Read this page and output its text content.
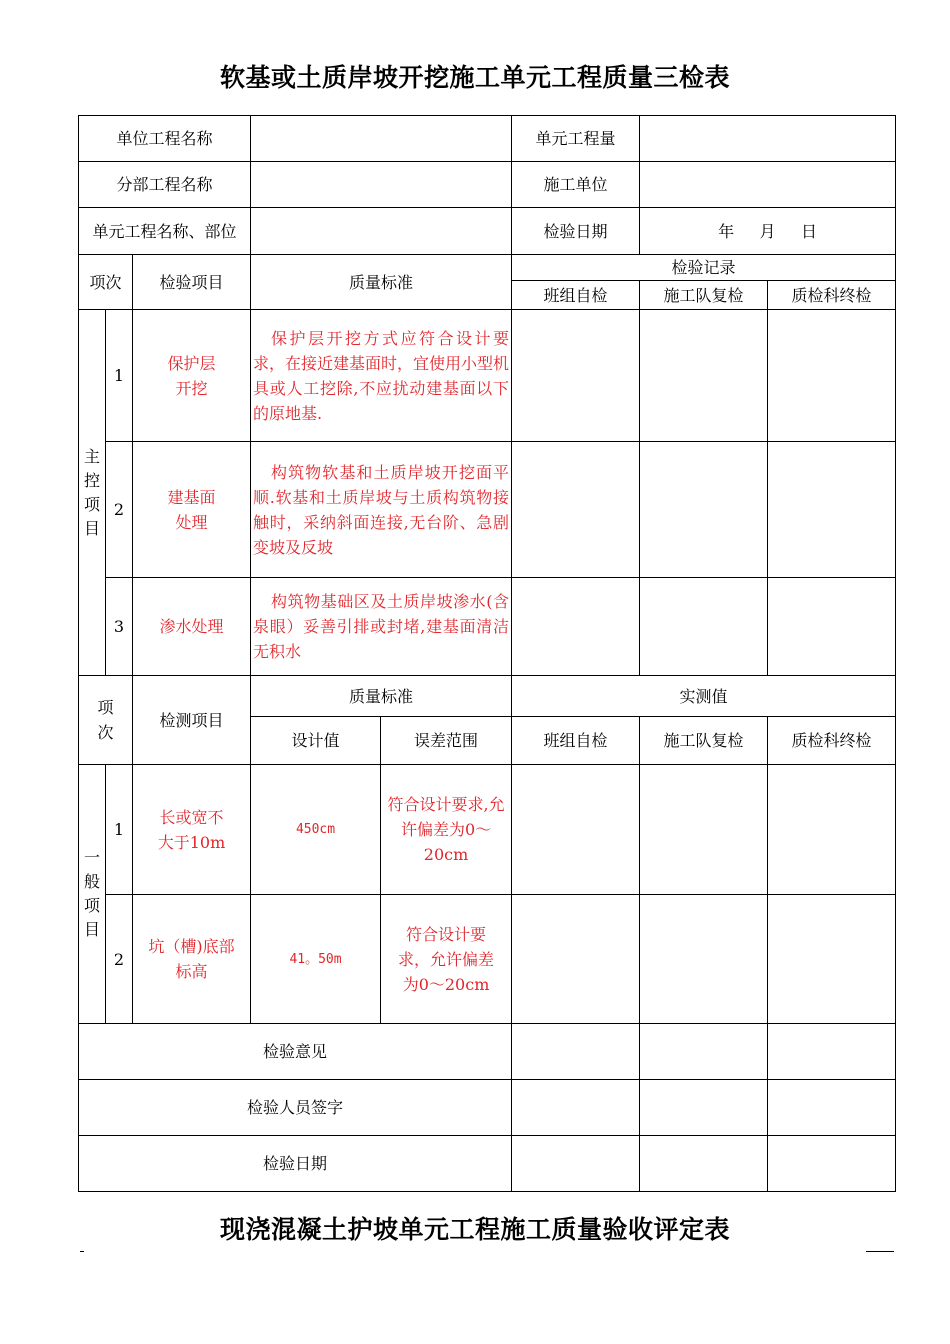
软基或土质岸坡开挖施工单元工程质量三检表
单位工程名称					单元工程量		
分部工程名称					施工单位		
单元工程名称、部位					检验日期	年 月 日	
项次		检验项目	质量标准		检验记录		
					班组自检	施工队复检	质检科终检
主控项目	1	保护层开挖	保护层开挖方式应符合设计要求，在接近建基面时，宜使用小型机具或人工挖除,不应扰动建基面以下的原地基.				
	2	建基面处理	构筑物软基和土质岸坡开挖面平顺.软基和土质岸坡与土质构筑物接触时，采纳斜面连接,无台阶、急剧变坡及反坡				
	3	渗水处理	构筑物基础区及土质岸坡渗水(含泉眼）妥善引排或封堵,建基面清洁无积水				
项次		检测项目	质量标准		实测值		
			设计值	误差范围	班组自检	施工队复检	质检科终检
一般项目	1	长或宽不大于10m	450cm	符合设计要求,允许偏差为0～20cm			
	2	坑（槽)底部标高	41。50m	符合设计要求，允许偏差为0～20cm			
检验意见							
检验人员签字							
检验日期							
现浇混凝土护坡单元工程施工质量验收评定表
